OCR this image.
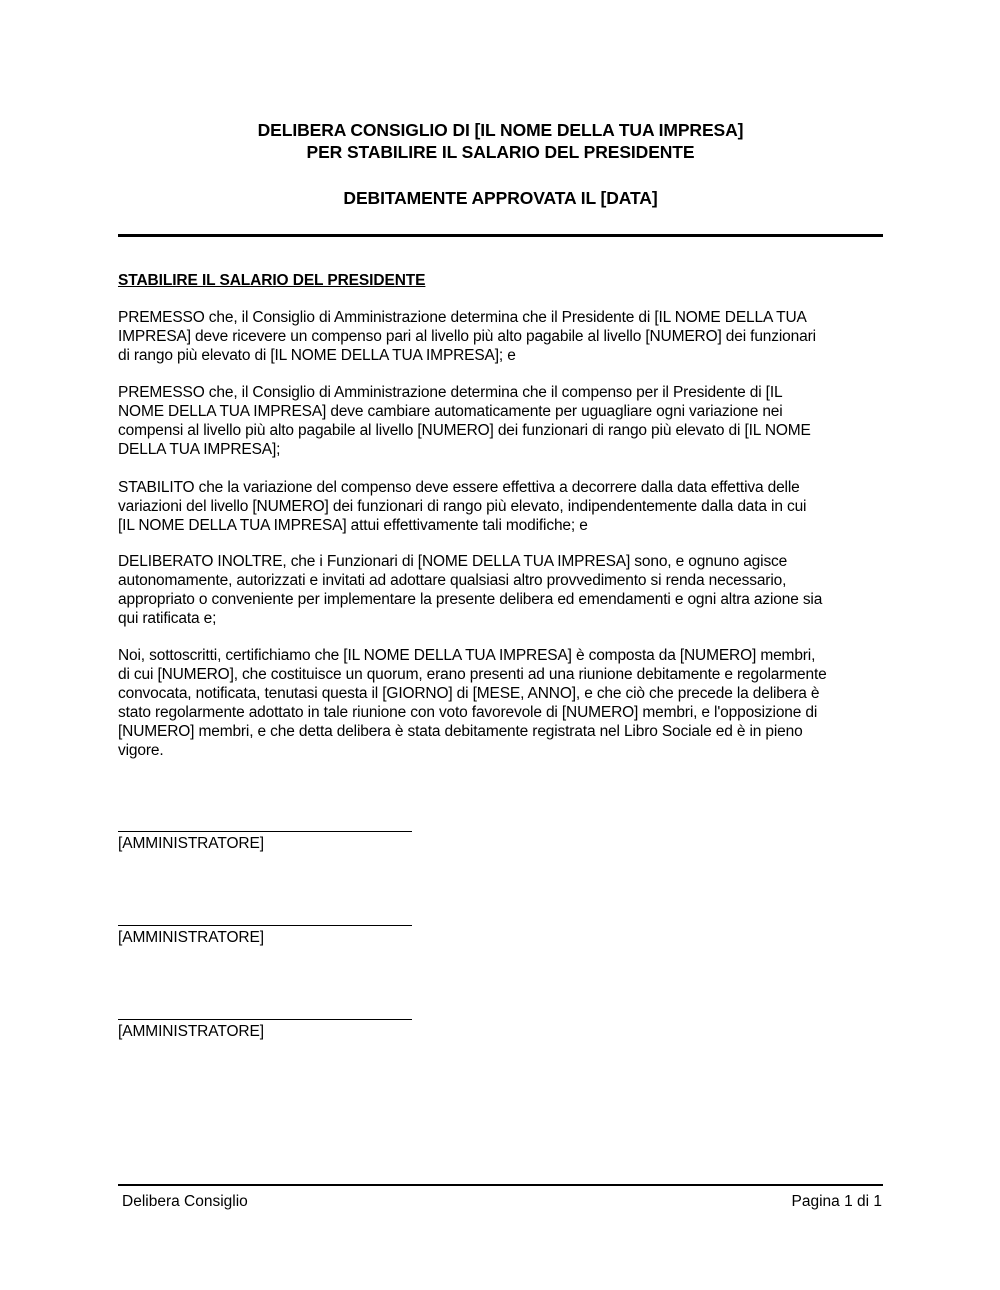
DELIBERA CONSIGLIO DI [IL NOME DELLA TUA IMPRESA]
PER STABILIRE IL SALARIO DEL PRESIDENTE
DEBITAMENTE APPROVATA IL [DATA]
STABILIRE IL SALARIO DEL PRESIDENTE
PREMESSO che, il Consiglio di Amministrazione determina che il Presidente di [IL NOME DELLA TUA
IMPRESA] deve ricevere un compenso pari al livello più alto pagabile al livello [NUMERO] dei funzionari
di rango più elevato di [IL NOME DELLA TUA IMPRESA]; e
PREMESSO che, il Consiglio di Amministrazione determina che il compenso per il Presidente di [IL
NOME DELLA TUA IMPRESA] deve cambiare automaticamente per uguagliare ogni variazione nei
compensi al livello più alto pagabile al livello [NUMERO] dei funzionari di rango più elevato di [IL NOME
DELLA TUA IMPRESA];
STABILITO che la variazione del compenso deve essere effettiva a decorrere dalla data effettiva delle
variazioni del livello [NUMERO] dei funzionari di rango più elevato, indipendentemente dalla data in cui
[IL NOME DELLA TUA IMPRESA] attui effettivamente tali modifiche; e
DELIBERATO INOLTRE, che i Funzionari di [NOME DELLA TUA IMPRESA] sono, e ognuno agisce
autonomamente, autorizzati e invitati ad adottare qualsiasi altro provvedimento si renda necessario,
appropriato o conveniente per implementare la presente delibera ed emendamenti e ogni altra azione sia
qui ratificata e;
Noi, sottoscritti, certifichiamo che [IL NOME DELLA TUA IMPRESA] è composta da [NUMERO] membri,
di cui [NUMERO], che costituisce un quorum, erano presenti ad una riunione debitamente e regolarmente
convocata, notificata, tenutasi questa il [GIORNO] di [MESE, ANNO], e che ciò che precede la delibera è
stato regolarmente adottato in tale riunione con voto favorevole di [NUMERO] membri, e l'opposizione di
[NUMERO] membri, e che detta delibera è stata debitamente registrata nel Libro Sociale ed è in pieno
vigore.
[AMMINISTRATORE]
[AMMINISTRATORE]
[AMMINISTRATORE]
Delibera Consiglio	Pagina 1 di 1
